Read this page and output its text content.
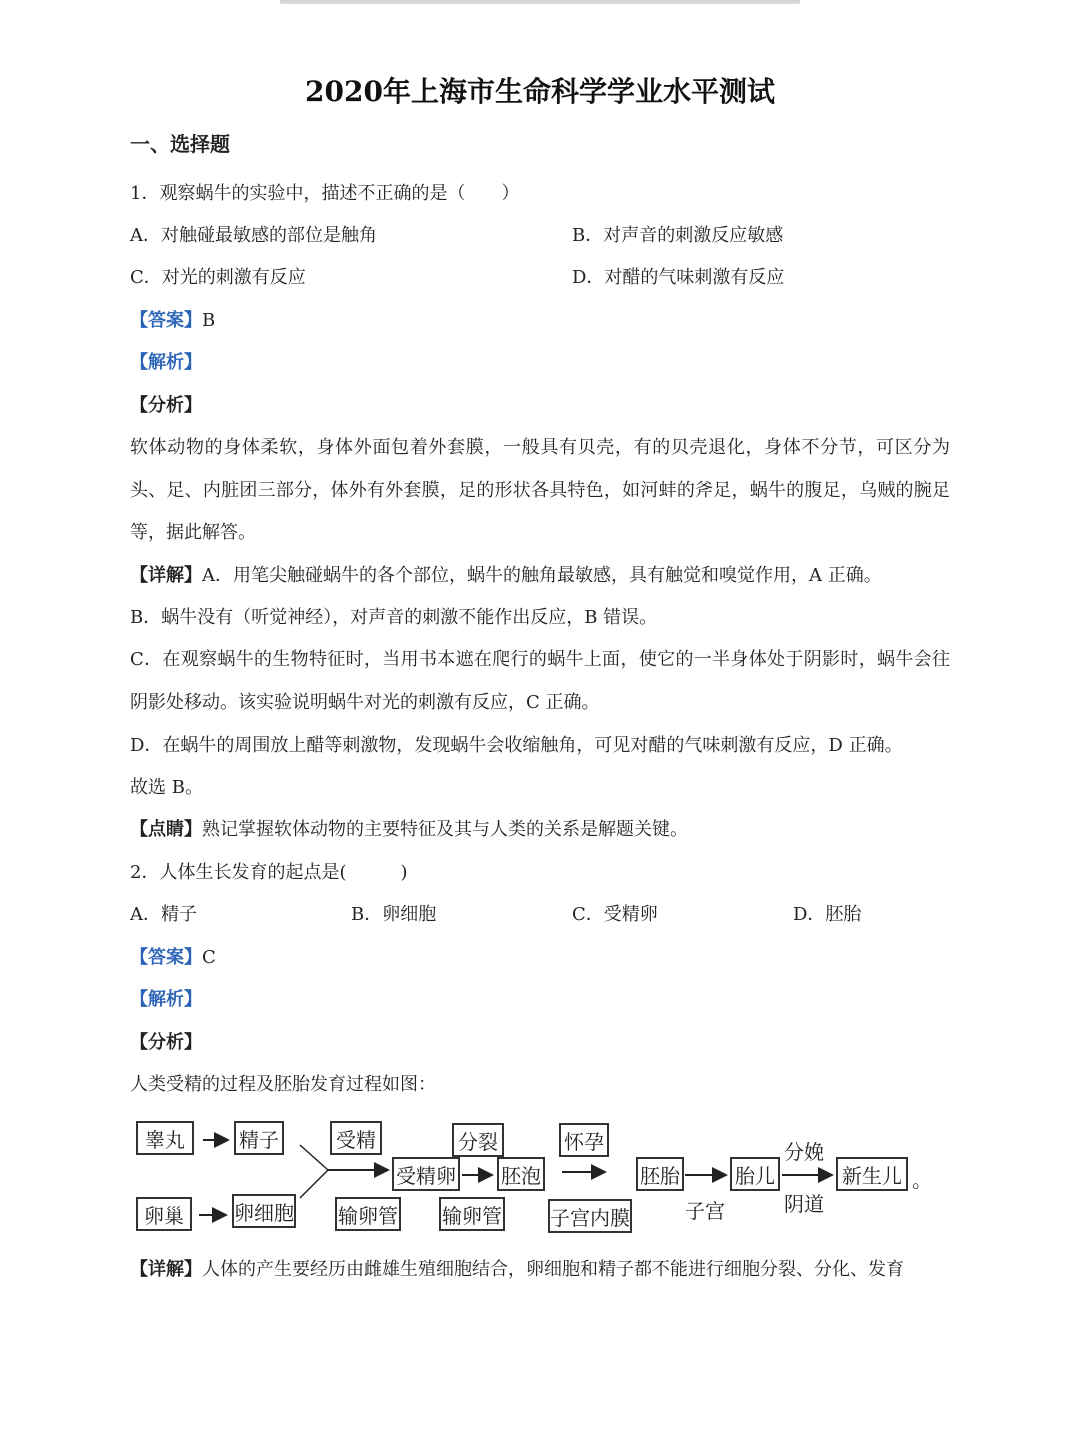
2020年上海市生命科学学业水平测试
一、选择题
1．观察蜗牛的实验中，描述不正确的是（　　）
A．对触碰最敏感的部位是触角	B．对声音的刺激反应敏感
C．对光的刺激有反应	D．对醋的气味刺激有反应
【答案】B
【解析】
【分析】
软体动物的身体柔软，身体外面包着外套膜，一般具有贝壳，有的贝壳退化，身体不分节，可区分为头、足、内脏团三部分，体外有外套膜，足的形状各具特色，如河蚌的斧足，蜗牛的腹足，乌贼的腕足等，据此解答。
【详解】A．用笔尖触碰蜗牛的各个部位，蜗牛的触角最敏感，具有触觉和嗅觉作用，A 正确。
B．蜗牛没有（听觉神经），对声音的刺激不能作出反应，B 错误。
C．在观察蜗牛的生物特征时，当用书本遮在爬行的蜗牛上面，使它的一半身体处于阴影时，蜗牛会往阴影处移动。该实验说明蜗牛对光的刺激有反应，C 正确。
D．在蜗牛的周围放上醋等刺激物，发现蜗牛会收缩触角，可见对醋的气味刺激有反应，D 正确。
故选 B。
【点睛】熟记掌握软体动物的主要特征及其与人类的关系是解题关键。
2．人体生长发育的起点是(　　　)
A．精子	B．卵细胞	C．受精卵	D．胚胎
【答案】C
【解析】
【分析】
人类受精的过程及胚胎发育过程如图：
睾丸	精子
卵巢	卵细胞
受精
输卵管
受精卵
分裂
输卵管
胚泡
怀孕
子宫内膜
胚胎	胎儿
子宫
分娩
阴道
新生儿 。
【详解】人体的产生要经历由雌雄生殖细胞结合，卵细胞和精子都不能进行细胞分裂、分化、发育
